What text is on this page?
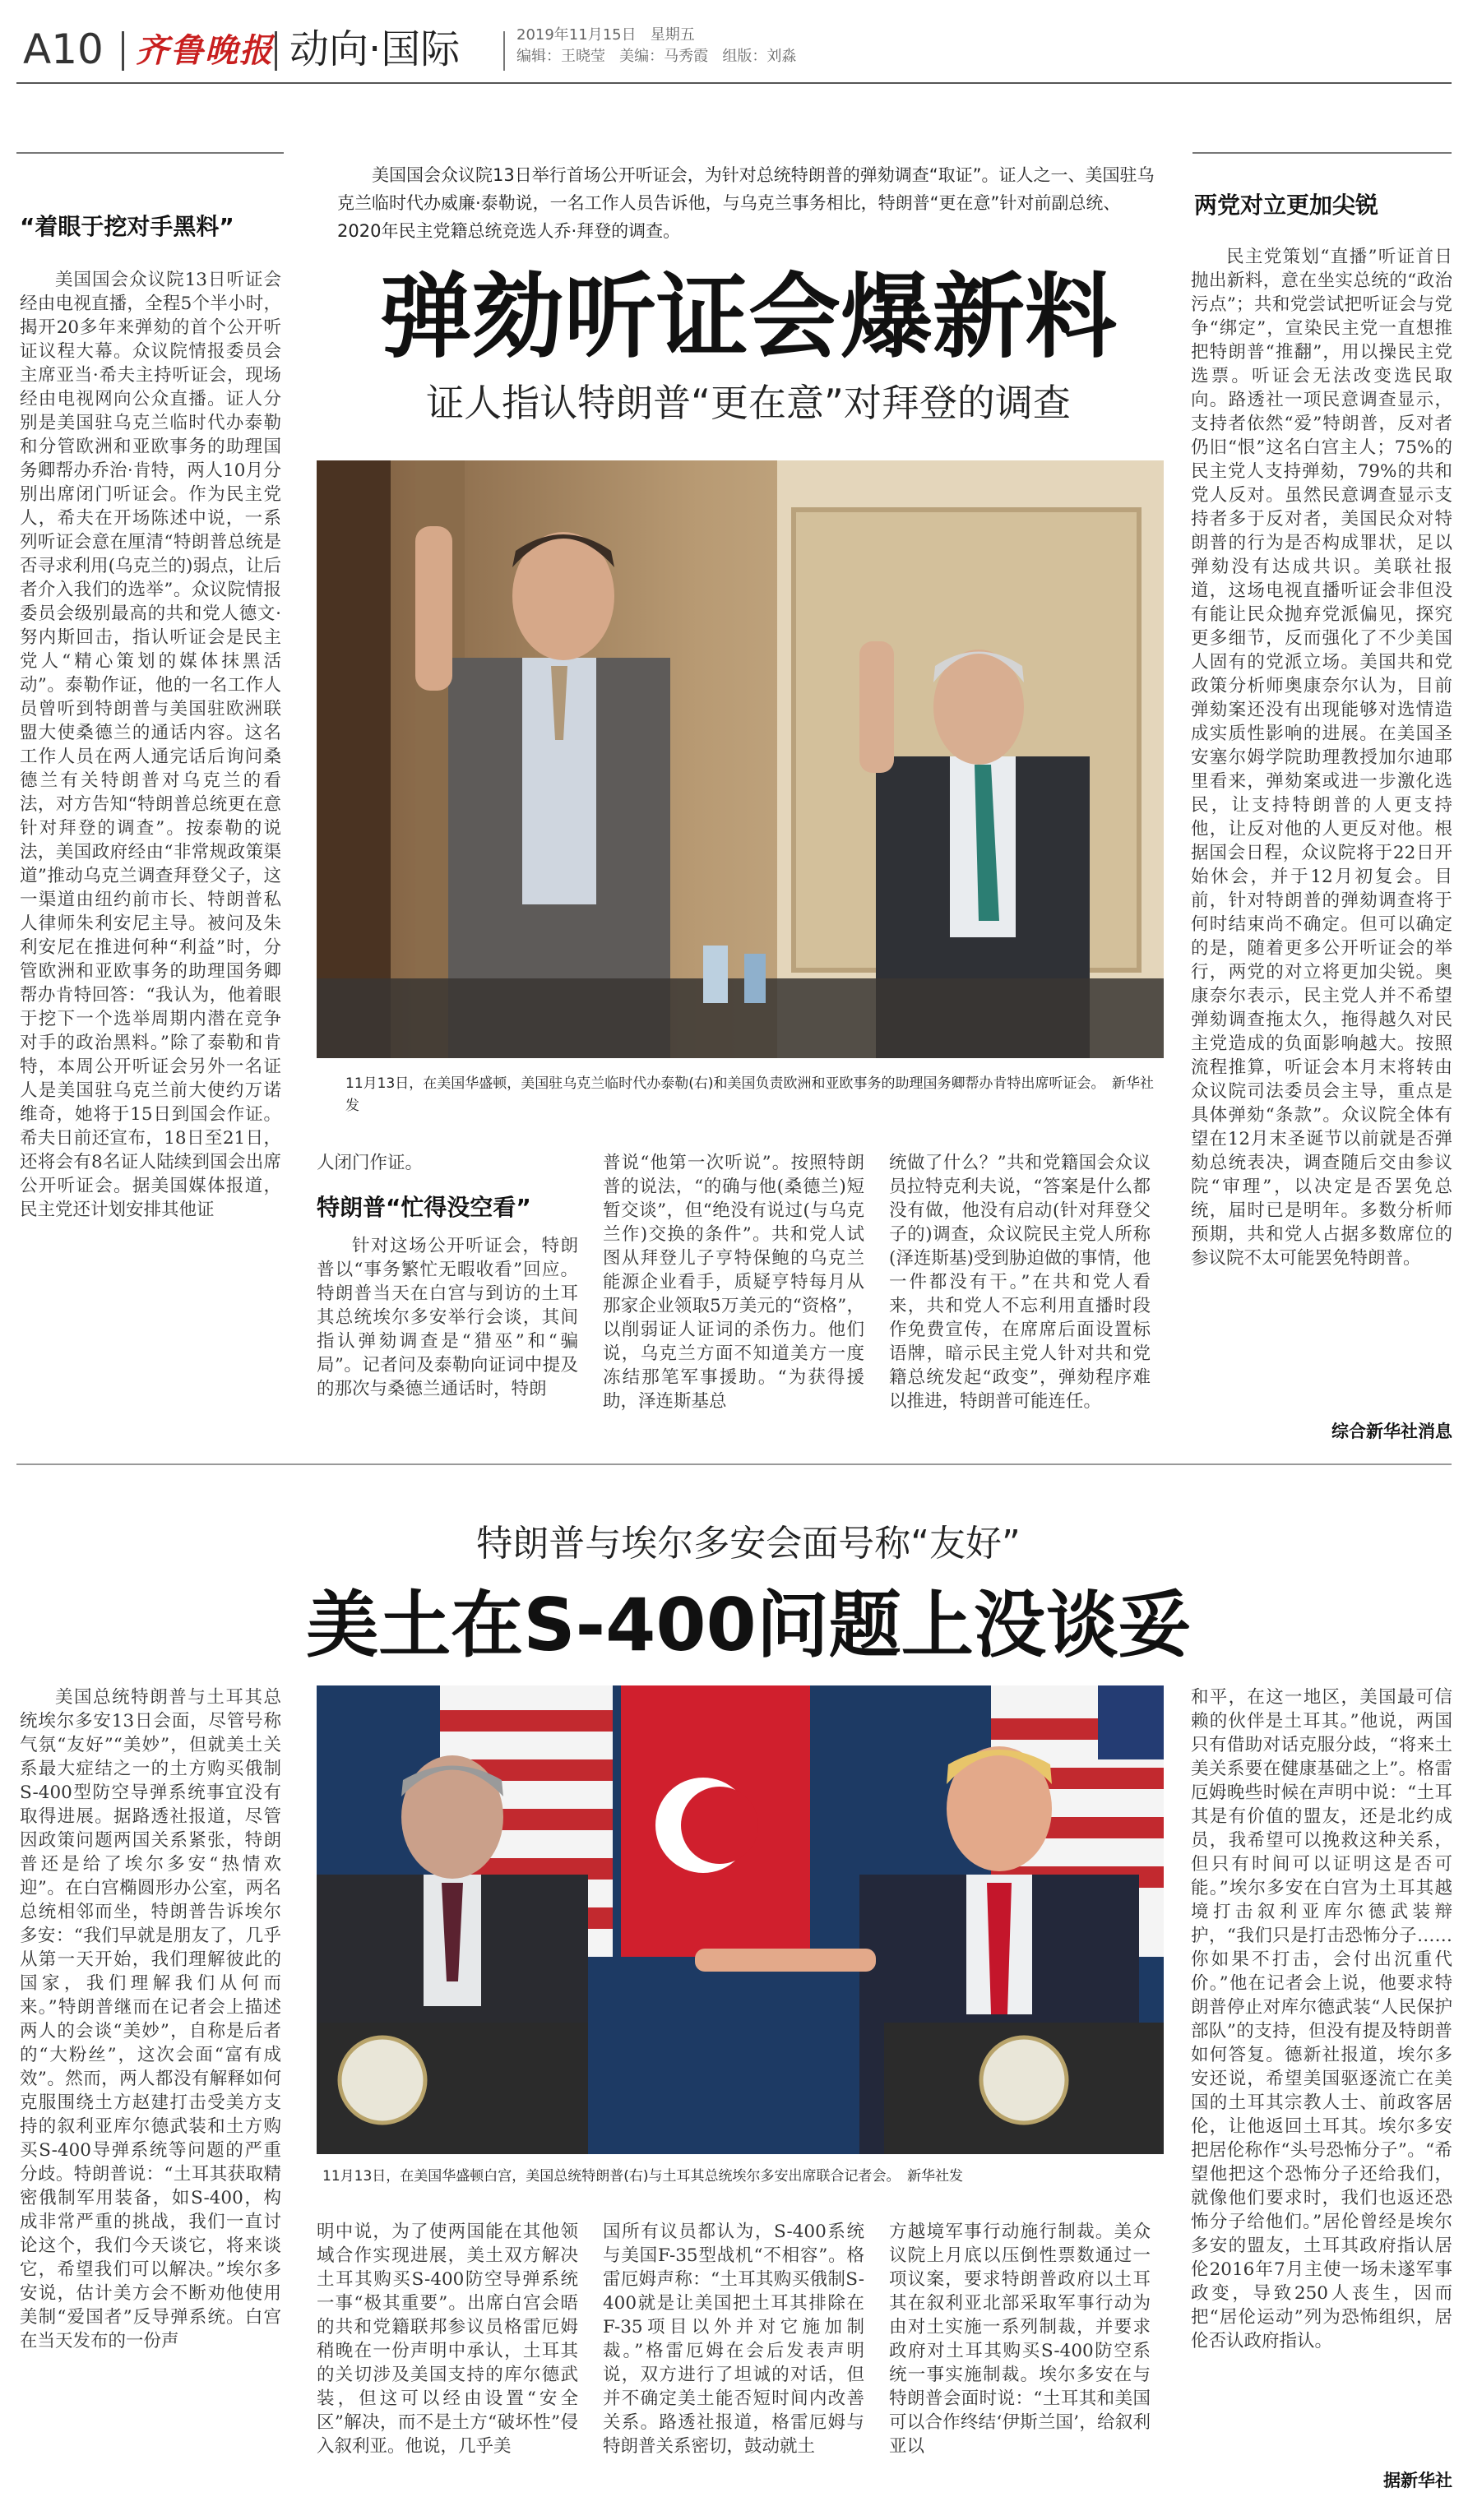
A10 齐鲁晚报 动向·国际	2019年11月15日 星期五
编辑：王晓莹 美编：马秀霞 组版：刘淼
美国国会众议院13日举行首场公开听证会，为针对总统特朗普的弹劾调查“取证”。证人之一、美国驻乌克兰临时代办威廉·泰勒说，一名工作人员告诉他，与乌克兰事务相比，特朗普“更在意”针对前副总统、2020年民主党籍总统竞选人乔·拜登的调查。
弹劾听证会爆新料
证人指认特朗普“更在意”对拜登的调查
11月13日，在美国华盛顿，美国驻乌克兰临时代办泰勒(右)和美国负责欧洲和亚欧事务的助理国务卿帮办肯特出席听证会。　新华社发
“着眼于挖对手黑料”

美国国会众议院13日听证会经由电视直播，全程5个半小时，揭开20多年来弹劾的首个公开听证议程大幕。众议院情报委员会主席亚当·希夫主持听证会，现场经由电视网向公众直播。证人分别是美国驻乌克兰临时代办泰勒和分管欧洲和亚欧事务的助理国务卿帮办乔治·肯特，两人10月分别出席闭门听证会。作为民主党人，希夫在开场陈述中说，一系列听证会意在厘清“特朗普总统是否寻求利用(乌克兰的)弱点，让后者介入我们的选举”。众议院情报委员会级别最高的共和党人德文·努内斯回击，指认听证会是民主党人“精心策划的媒体抹黑活动”。泰勒作证，他的一名工作人员曾听到特朗普与美国驻欧洲联盟大使桑德兰的通话内容。这名工作人员在两人通完话后询问桑德兰有关特朗普对乌克兰的看法，对方告知“特朗普总统更在意针对拜登的调查”。按泰勒的说法，美国政府经由“非常规政策渠道”推动乌克兰调查拜登父子，这一渠道由纽约前市长、特朗普私人律师朱利安尼主导。被问及朱利安尼在推进何种“利益”时，分管欧洲和亚欧事务的助理国务卿帮办肯特回答：“我认为，他着眼于挖下一个选举周期内潜在竞争对手的政治黑料。”除了泰勒和肯特，本周公开听证会另外一名证人是美国驻乌克兰前大使约万诺维奇，她将于15日到国会作证。希夫日前还宣布，18日至21日，还将会有8名证人陆续到国会出席公开听证会。据美国媒体报道，民主党还计划安排其他证

人闭门作证。

特朗普“忙得没空看”

针对这场公开听证会，特朗普以“事务繁忙无暇收看”回应。特朗普当天在白宫与到访的土耳其总统埃尔多安举行会谈，其间指认弹劾调查是“猎巫”和“骗局”。记者问及泰勒向证词中提及的那次与桑德兰通话时，特朗

普说“他第一次听说”。按照特朗普的说法，“的确与他(桑德兰)短暂交谈”，但“绝没有说过(与乌克兰作)交换的条件”。共和党人试图从拜登儿子亨特保鲍的乌克兰能源企业看手，质疑亨特每月从那家企业领取5万美元的“资格”，以削弱证人证词的杀伤力。他们说，乌克兰方面不知道美方一度冻结那笔军事援助。“为获得援助，泽连斯基总

统做了什么？”共和党籍国会众议员拉特克利夫说，“答案是什么都没有做，他没有启动(针对拜登父子的)调查，众议院民主党人所称(泽连斯基)受到胁迫做的事情，他一件都没有干。”在共和党人看来，共和党人不忘利用直播时段作免费宣传，在席席后面设置标语牌，暗示民主党人针对共和党籍总统发起“政变”，弹劾程序难以推进，特朗普可能连任。

两党对立更加尖锐

民主党策划“直播”听证首日抛出新料，意在坐实总统的“政治污点”；共和党尝试把听证会与党争“绑定”，宣染民主党一直想推把特朗普“推翻”，用以操民主党选票。听证会无法改变选民取向。路透社一项民意调查显示，支持者依然“爱”特朗普，反对者仍旧“恨”这名白宫主人；75%的民主党人支持弹劾，79%的共和党人反对。虽然民意调查显示支持者多于反对者，美国民众对特朗普的行为是否构成罪状，足以弹劾没有达成共识。美联社报道，这场电视直播听证会非但没有能让民众抛弃党派偏见，探究更多细节，反而强化了不少美国人固有的党派立场。美国共和党政策分析师奥康奈尔认为，目前弹劾案还没有出现能够对选情造成实质性影响的进展。在美国圣安塞尔姆学院助理教授加尔迪耶里看来，弹劾案或进一步激化选民，让支持特朗普的人更支持他，让反对他的人更反对他。根据国会日程，众议院将于22日开始休会，并于12月初复会。目前，针对特朗普的弹劾调查将于何时结束尚不确定。但可以确定的是，随着更多公开听证会的举行，两党的对立将更加尖锐。奥康奈尔表示，民主党人并不希望弹劾调查拖太久，拖得越久对民主党造成的负面影响越大。按照流程推算，听证会本月末将转由众议院司法委员会主导，重点是具体弹劾“条款”。众议院全体有望在12月末圣诞节以前就是否弹劾总统表决，调查随后交由参议院“审理”，以决定是否罢免总统，届时已是明年。多数分析师预期，共和党人占据多数席位的参议院不太可能罢免特朗普。

综合新华社消息
特朗普与埃尔多安会面号称“友好”
美土在S-400问题上没谈妥
11月13日，在美国华盛顿白宫，美国总统特朗普(右)与土耳其总统埃尔多安出席联合记者会。　新华社发

美国总统特朗普与土耳其总统埃尔多安13日会面，尽管号称气氛“友好”“美妙”，但就美土关系最大症结之一的土方购买俄制S-400型防空导弹系统事宜没有取得进展。据路透社报道，尽管因政策问题两国关系紧张，特朗普还是给了埃尔多安“热情欢迎”。在白宫椭圆形办公室，两名总统相邻而坐，特朗普告诉埃尔多安：“我们早就是朋友了，几乎从第一天开始，我们理解彼此的国家，我们理解我们从何而来。”特朗普继而在记者会上描述两人的会谈“美妙”，自称是后者的“大粉丝”，这次会面“富有成效”。然而，两人都没有解释如何克服围绕土方赵建打击受美方支持的叙利亚库尔德武装和土方购买S-400导弹系统等问题的严重分歧。特朗普说：“土耳其获取精密俄制军用装备，如S-400，构成非常严重的挑战，我们一直讨论这个，我们今天谈它，将来谈它，希望我们可以解决。”埃尔多安说，估计美方会不断劝他使用美制“爱国者”反导弹系统。白宫在当天发布的一份声

明中说，为了使两国能在其他领域合作实现进展，美土双方解决土耳其购买S-400防空导弹系统一事“极其重要”。出席白宫会晤的共和党籍联邦参议员格雷厄姆稍晚在一份声明中承认，土耳其的关切涉及美国支持的库尔德武装，但这可以经由设置“安全区”解决，而不是土方“破坏性”侵入叙利亚。他说，几乎美

国所有议员都认为，S-400系统与美国F-35型战机“不相容”。格雷厄姆声称：“土耳其购买俄制S-400就是让美国把土耳其排除在F-35项目以外并对它施加制裁。”格雷厄姆在会后发表声明说，双方进行了坦诚的对话，但并不确定美土能否短时间内改善关系。路透社报道，格雷厄姆与特朗普关系密切，鼓动就土

方越境军事行动施行制裁。美众议院上月底以压倒性票数通过一项议案，要求特朗普政府以土耳其在叙利亚北部采取军事行动为由对土实施一系列制裁，并要求政府对土耳其购买S-400防空系统一事实施制裁。埃尔多安在与特朗普会面时说：“土耳其和美国可以合作终结‘伊斯兰国’，给叙利亚以

和平，在这一地区，美国最可信赖的伙伴是土耳其。”他说，两国只有借助对话克服分歧，“将来土美关系要在健康基础之上”。格雷厄姆晚些时候在声明中说：“土耳其是有价值的盟友，还是北约成员，我希望可以挽救这种关系，但只有时间可以证明这是否可能。”埃尔多安在白宫为土耳其越境打击叙利亚库尔德武装辩护，“我们只是打击恐怖分子……你如果不打击，会付出沉重代价。”他在记者会上说，他要求特朗普停止对库尔德武装“人民保护部队”的支持，但没有提及特朗普如何答复。德新社报道，埃尔多安还说，希望美国驱逐流亡在美国的土耳其宗教人士、前政客居伦，让他返回土耳其。埃尔多安把居伦称作“头号恐怖分子”。“希望他把这个恐怖分子还给我们，就像他们要求时，我们也返还恐怖分子给他们。”居伦曾经是埃尔多安的盟友，土耳其政府指认居伦2016年7月主使一场未遂军事政变，导致250人丧生，因而把“居伦运动”列为恐怖组织，居伦否认政府指认。

据新华社
